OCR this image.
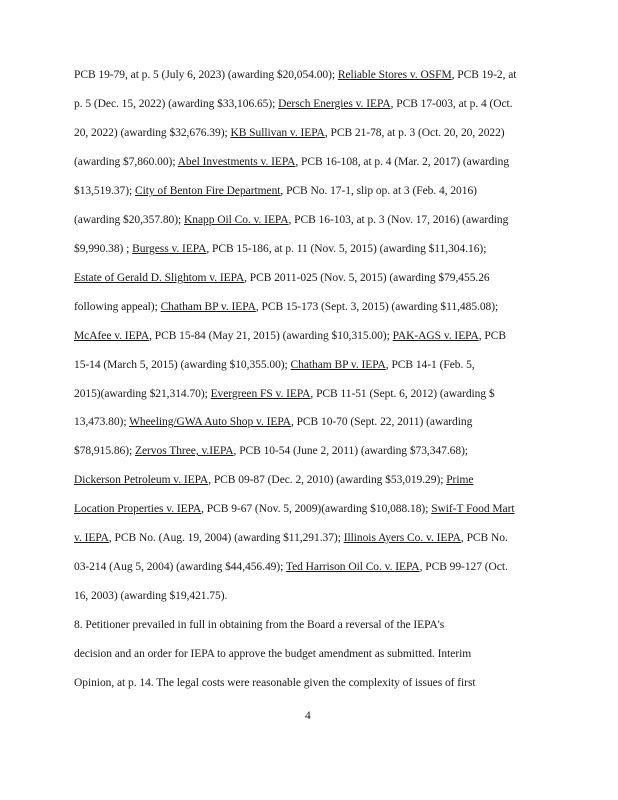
PCB 19-79, at p. 5 (July 6, 2023) (awarding $20,054.00); Reliable Stores v. OSFM, PCB 19-2, at
p. 5 (Dec. 15, 2022) (awarding $33,106.65); Dersch Energies v. IEPA, PCB 17-003, at p. 4 (Oct.
20, 2022) (awarding $32,676.39); KB Sullivan v. IEPA, PCB 21-78, at p. 3 (Oct. 20, 20, 2022)
(awarding $7,860.00); Abel Investments v. IEPA, PCB 16-108, at p. 4 (Mar. 2, 2017) (awarding
$13,519.37); City of Benton Fire Department, PCB No. 17-1, slip op. at 3 (Feb. 4, 2016)
(awarding $20,357.80); Knapp Oil Co. v. IEPA, PCB 16-103, at p. 3 (Nov. 17, 2016) (awarding
$9,990.38) ; Burgess v. IEPA, PCB 15-186, at p. 11 (Nov. 5, 2015) (awarding $11,304.16);
Estate of Gerald D. Slightom v. IEPA, PCB 2011-025 (Nov. 5, 2015) (awarding $79,455.26
following appeal); Chatham BP v. IEPA, PCB 15-173 (Sept. 3, 2015) (awarding $11,485.08);
McAfee v. IEPA, PCB 15-84 (May 21, 2015) (awarding $10,315.00); PAK-AGS v. IEPA, PCB
15-14 (March 5, 2015) (awarding $10,355.00); Chatham BP v. IEPA, PCB 14-1 (Feb. 5,
2015)(awarding $21,314.70); Evergreen FS v. IEPA, PCB 11-51 (Sept. 6, 2012) (awarding $
13,473.80); Wheeling/GWA Auto Shop v. IEPA, PCB 10-70 (Sept. 22, 2011) (awarding
$78,915.86); Zervos Three, v.IEPA, PCB 10-54 (June 2, 2011) (awarding $73,347.68);
Dickerson Petroleum v. IEPA, PCB 09-87 (Dec. 2, 2010) (awarding $53,019.29); Prime
Location Properties v. IEPA, PCB 9-67 (Nov. 5, 2009)(awarding $10,088.18); Swif-T Food Mart
v. IEPA, PCB No. (Aug. 19, 2004) (awarding $11,291.37); Illinois Ayers Co. v. IEPA, PCB No.
03-214 (Aug 5, 2004) (awarding $44,456.49); Ted Harrison Oil Co. v. IEPA, PCB 99-127 (Oct.
16, 2003) (awarding $19,421.75).
8. Petitioner prevailed in full in obtaining from the Board a reversal of the IEPA's
decision and an order for IEPA to approve the budget amendment as submitted. Interim
Opinion, at p. 14. The legal costs were reasonable given the complexity of issues of first
4
